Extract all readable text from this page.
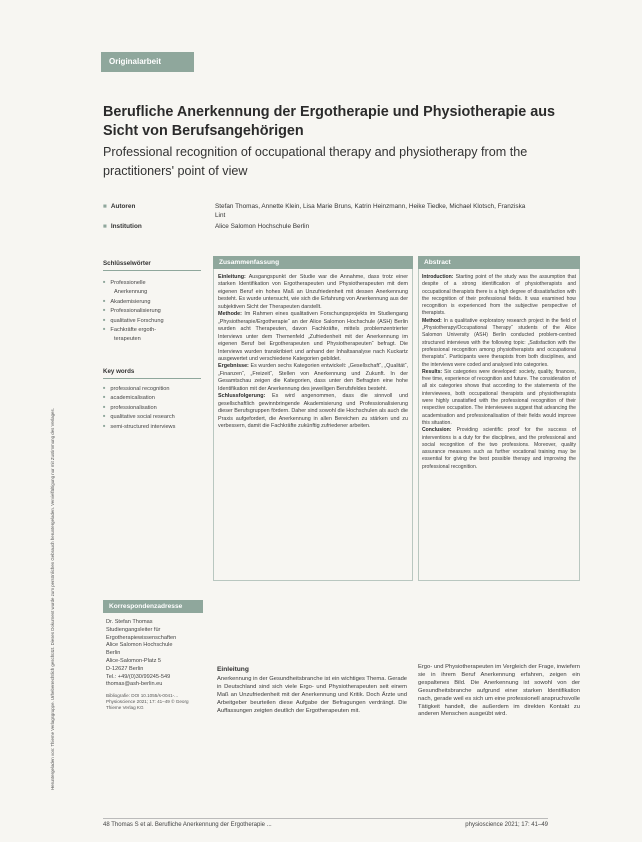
Heruntergeladen von: Thieme Verlagsgruppe. Urheberrechtlich geschützt. Dieses Dokument wurde zum persönlichen Gebrauch heruntergeladen. Vervielfältigung nur mit Zustimmung des Verlages.
Originalarbeit
Berufliche Anerkennung der Ergotherapie und Physiotherapie aus Sicht von Berufsangehörigen
Professional recognition of occupational therapy and physiotherapy from the practitioners' point of view
■ Autoren	Stefan Thomas, Annette Klein, Lisa Marie Bruns, Katrin Heinzmann, Heike Tiedke, Michael Klotsch, Franziska Lint
■ Institution	Alice Salomon Hochschule Berlin
Schlüsselwörter
■ Professionelle
Anerkennung
■ Akademisierung
■ Professionalisierung
■ qualitative Forschung
■ Fachkräfte ergoth-
terapeuten
Key words
■ professional recognition
■ academicalisation
■ professionalisation
■ qualitative social research
■ semi-structured interviews
Korrespondenzadresse
Dr. Stefan Thomas
Studiengangsleiter für
Ergotherapiewissenschaften
Alice Salomon Hochschule
Berlin
Alice-Salomon-Platz 5
D-12627 Berlin
Tel.: +49/(0)30/99245-549
thomas@ash-berlin.eu
Bibliografie: DOI 10.1055/s-0041-... Physioscience 2021; 17: 41–49 © Georg Thieme Verlag KG
Zusammenfassung
Einleitung: Ausgangspunkt der Studie war die Annahme, dass trotz einer starken Identifikation von Ergotherapeuten und Physiotherapeuten mit dem eigenen Beruf ein hohes Maß an Unzufriedenheit mit dessen Anerkennung besteht. Es wurde untersucht, wie sich die Erfahrung von Anerkennung aus der subjektiven Sicht der Therapeuten darstellt.
Methode: Im Rahmen eines qualitativen Forschungsprojekts im Studiengang „Physiotherapie/Ergotherapie“ an der Alice Salomon Hochschule (ASH) Berlin wurden acht Therapeuten, davon Fachkräfte, mittels problemzentrierter Interviews unter dem Themenfeld „Zufriedenheit mit der Anerkennung im eigenen Beruf bei Ergotherapeuten und Physiotherapeuten“ befragt. Die Interviews wurden transkribiert und anhand der Inhaltsanalyse nach Kuckartz ausgewertet und verschiedene Kategorien gebildet.
Ergebnisse: Es wurden sechs Kategorien entwickelt: „Gesellschaft“, „Qualität“, „Finanzen“, „Freizeit“, Stellen von Anerkennung und Zukunft. In der Gesamtschau zeigen die Kategorien, dass unter den Befragten eine hohe Identifikation mit der Anerkennung des jeweiligen Berufsfeldes besteht.
Schlussfolgerung: Es wird angenommen, dass die sinnvoll und gesellschaftlich gewinnbringende Akademisierung und Professionalisierung dieser Berufsgruppen fördern. Daher sind sowohl die Hochschulen als auch die Praxis aufgefordert, die Anerkennung in allen Bereichen zu stärken und zu verbessern, damit die Fachkräfte zukünftig zufriedener arbeiten.
Abstract
Introduction: Starting point of the study was the assumption that despite of a strong identification of physiotherapists and occupational therapists there is a high degree of dissatisfaction with the recognition of their professional fields. It was examined how recognition is experienced from the subjective perspective of therapists.
Method: In a qualitative exploratory research project in the field of „Physiotherapy/Occupational Therapy“ students of the Alice Salomon University (ASH) Berlin conducted problem-centred structured interviews with the following topic: „Satisfaction with the professional recognition among physiotherapists and occupational therapists“. Participants were therapists from both disciplines, and the interviews were coded and analysed into categories.
Results: Six categories were developed: society, quality, finances, free time, experience of recognition and future. The consideration of all six categories shows that according to the statements of the interviewees, both occupational therapists and physiotherapists were highly unsatisfied with the professional recognition of their respective occupation. The interviewees suggest that advancing the academisation and professionalisation of their fields would improve this situation.
Conclusion: Providing scientific proof for the success of interventions is a duty for the disciplines, and the professional and social recognition of the two professions. Moreover, quality assurance measures such as further vocational training may be essential for giving the best possible therapy and improving the professional recognition.
Einleitung
Anerkennung in der Gesundheitsbranche ist ein wichtiges Thema. Gerade in Deutschland sind sich viele Ergo- und Physiotherapeuten seit einem Maß an Unzufriedenheit mit der Anerkennung und Kritik. Doch Ärzte und Arbeitgeber beurteilen diese Aufgabe der Befragungen verdrängt. Die Auffassungen zeigten deutlich der Ergotherapeuten mit.
Ergo- und Physiotherapeuten im Vergleich der Frage, inwiefern sie in ihrem Beruf Anerkennung erfahren, zeigen ein gespaltenes Bild. Die Anerkennung ist sowohl von der Gesundheitsbranche aufgrund einer starken Identifikation nach, gerade weil es sich um eine professionell anspruchsvolle Tätigkeit handelt, die außerdem im direkten Kontakt zu anderen Menschen ausgeübt wird.
48 Thomas S et al. Berufliche Anerkennung der Ergotherapie ...	physioscience 2021; 17: 41–49
